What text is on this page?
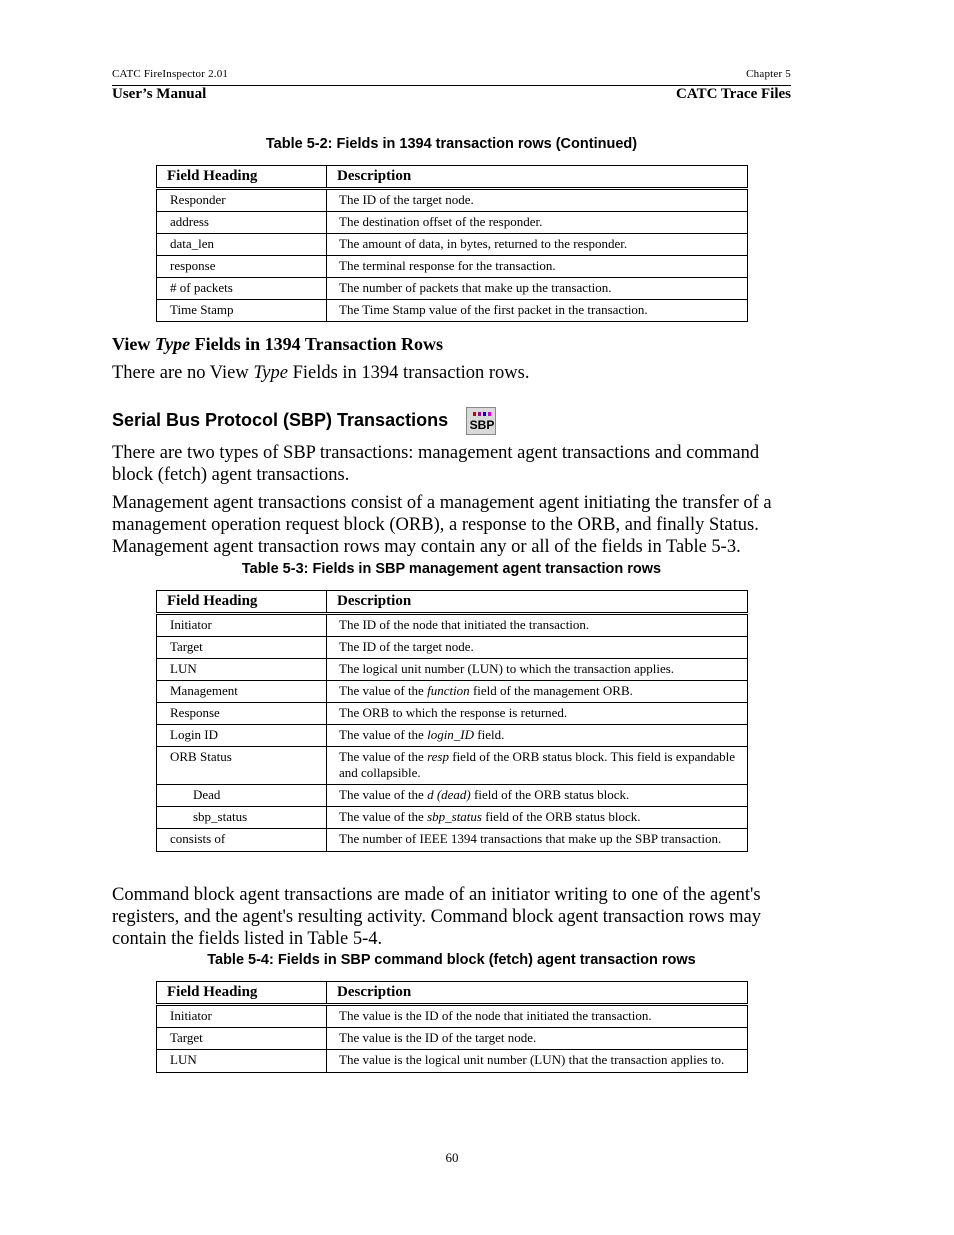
CATC FireInspector 2.01	Chapter 5
User’s Manual	CATC Trace Files
Table 5-2: Fields in 1394 transaction rows (Continued)
Field Heading	Description
Responder	The ID of the target node.
address	The destination offset of the responder.
data_len	The amount of data, in bytes, returned to the responder.
response	The terminal response for the transaction.
# of packets	The number of packets that make up the transaction.
Time Stamp	The Time Stamp value of the first packet in the transaction.
View Type Fields in 1394 Transaction Rows
There are no View Type Fields in 1394 transaction rows.
Serial Bus Protocol (SBP) Transactions SBP
There are two types of SBP transactions: management agent transactions and command block (fetch) agent transactions.
Management agent transactions consist of a management agent initiating the transfer of a management operation request block (ORB), a response to the ORB, and finally Status. Management agent transaction rows may contain any or all of the fields in Table 5-3.
Table 5-3: Fields in SBP management agent transaction rows
Field Heading	Description
Initiator	The ID of the node that initiated the transaction.
Target	The ID of the target node.
LUN	The logical unit number (LUN) to which the transaction applies.
Management	The value of the function field of the management ORB.
Response	The ORB to which the response is returned.
Login ID	The value of the login_ID field.
ORB Status	The value of the resp field of the ORB status block. This field is expandable and collapsible.
Dead	The value of the d (dead) field of the ORB status block.
sbp_status	The value of the sbp_status field of the ORB status block.
consists of	The number of IEEE 1394 transactions that make up the SBP transaction.
Command block agent transactions are made of an initiator writing to one of the agent's registers, and the agent's resulting activity. Command block agent transaction rows may contain the fields listed in Table 5-4.
Table 5-4: Fields in SBP command block (fetch) agent transaction rows
Field Heading	Description
Initiator	The value is the ID of the node that initiated the transaction.
Target	The value is the ID of the target node.
LUN	The value is the logical unit number (LUN) that the transaction applies to.
60
